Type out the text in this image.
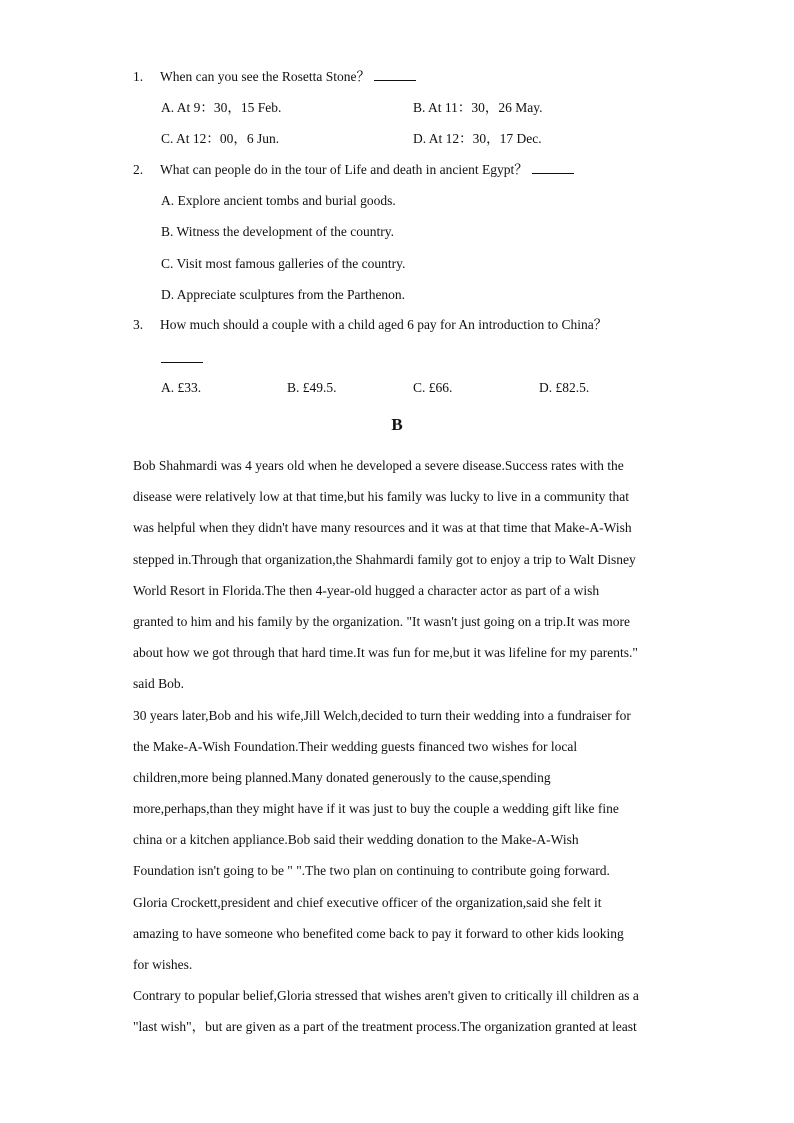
1. When can you see the Rosetta Stone？
A. At 9：30，15 Feb.	B. At 11：30，26 May.
C. At 12：00，6 Jun.	D. At 12：30，17 Dec.
2. What can people do in the tour of Life and death in ancient Egypt？
A. Explore ancient tombs and burial goods.
B. Witness the development of the country.
C. Visit most famous galleries of the country.
D. Appreciate sculptures from the Parthenon.
3. How much should a couple with a child aged 6 pay for An introduction to China？
A. £33.	B. £49.5.	C. £66.	D. £82.5.
B
Bob Shahmardi was 4 years old when he developed a severe disease.Success rates with the
disease were relatively low at that time,but his family was lucky to live in a community that
was helpful when they didn't have many resources and it was at that time that Make-A-Wish
stepped in.Through that organization,the Shahmardi family got to enjoy a trip to Walt Disney
World Resort in Florida.The then 4-year-old hugged a character actor as part of a wish
granted to him and his family by the organization. "It wasn't just going on a trip.It was more
about how we got through that hard time.It was fun for me,but it was lifeline for my parents."
said Bob.
30 years later,Bob and his wife,Jill Welch,decided to turn their wedding into a fundraiser for
the Make-A-Wish Foundation.Their wedding guests financed two wishes for local
children,more being planned.Many donated generously to the cause,spending
more,perhaps,than they might have if it was just to buy the couple a wedding gift like fine
china or a kitchen appliance.Bob said their wedding donation to the Make-A-Wish
Foundation isn't going to be " ".The two plan on continuing to contribute going forward.
Gloria Crockett,president and chief executive officer of the organization,said she felt it
amazing to have someone who benefited come back to pay it forward to other kids looking
for wishes.
Contrary to popular belief,Gloria stressed that wishes aren't given to critically ill children as a
"last wish"，but are given as a part of the treatment process.The organization granted at least
